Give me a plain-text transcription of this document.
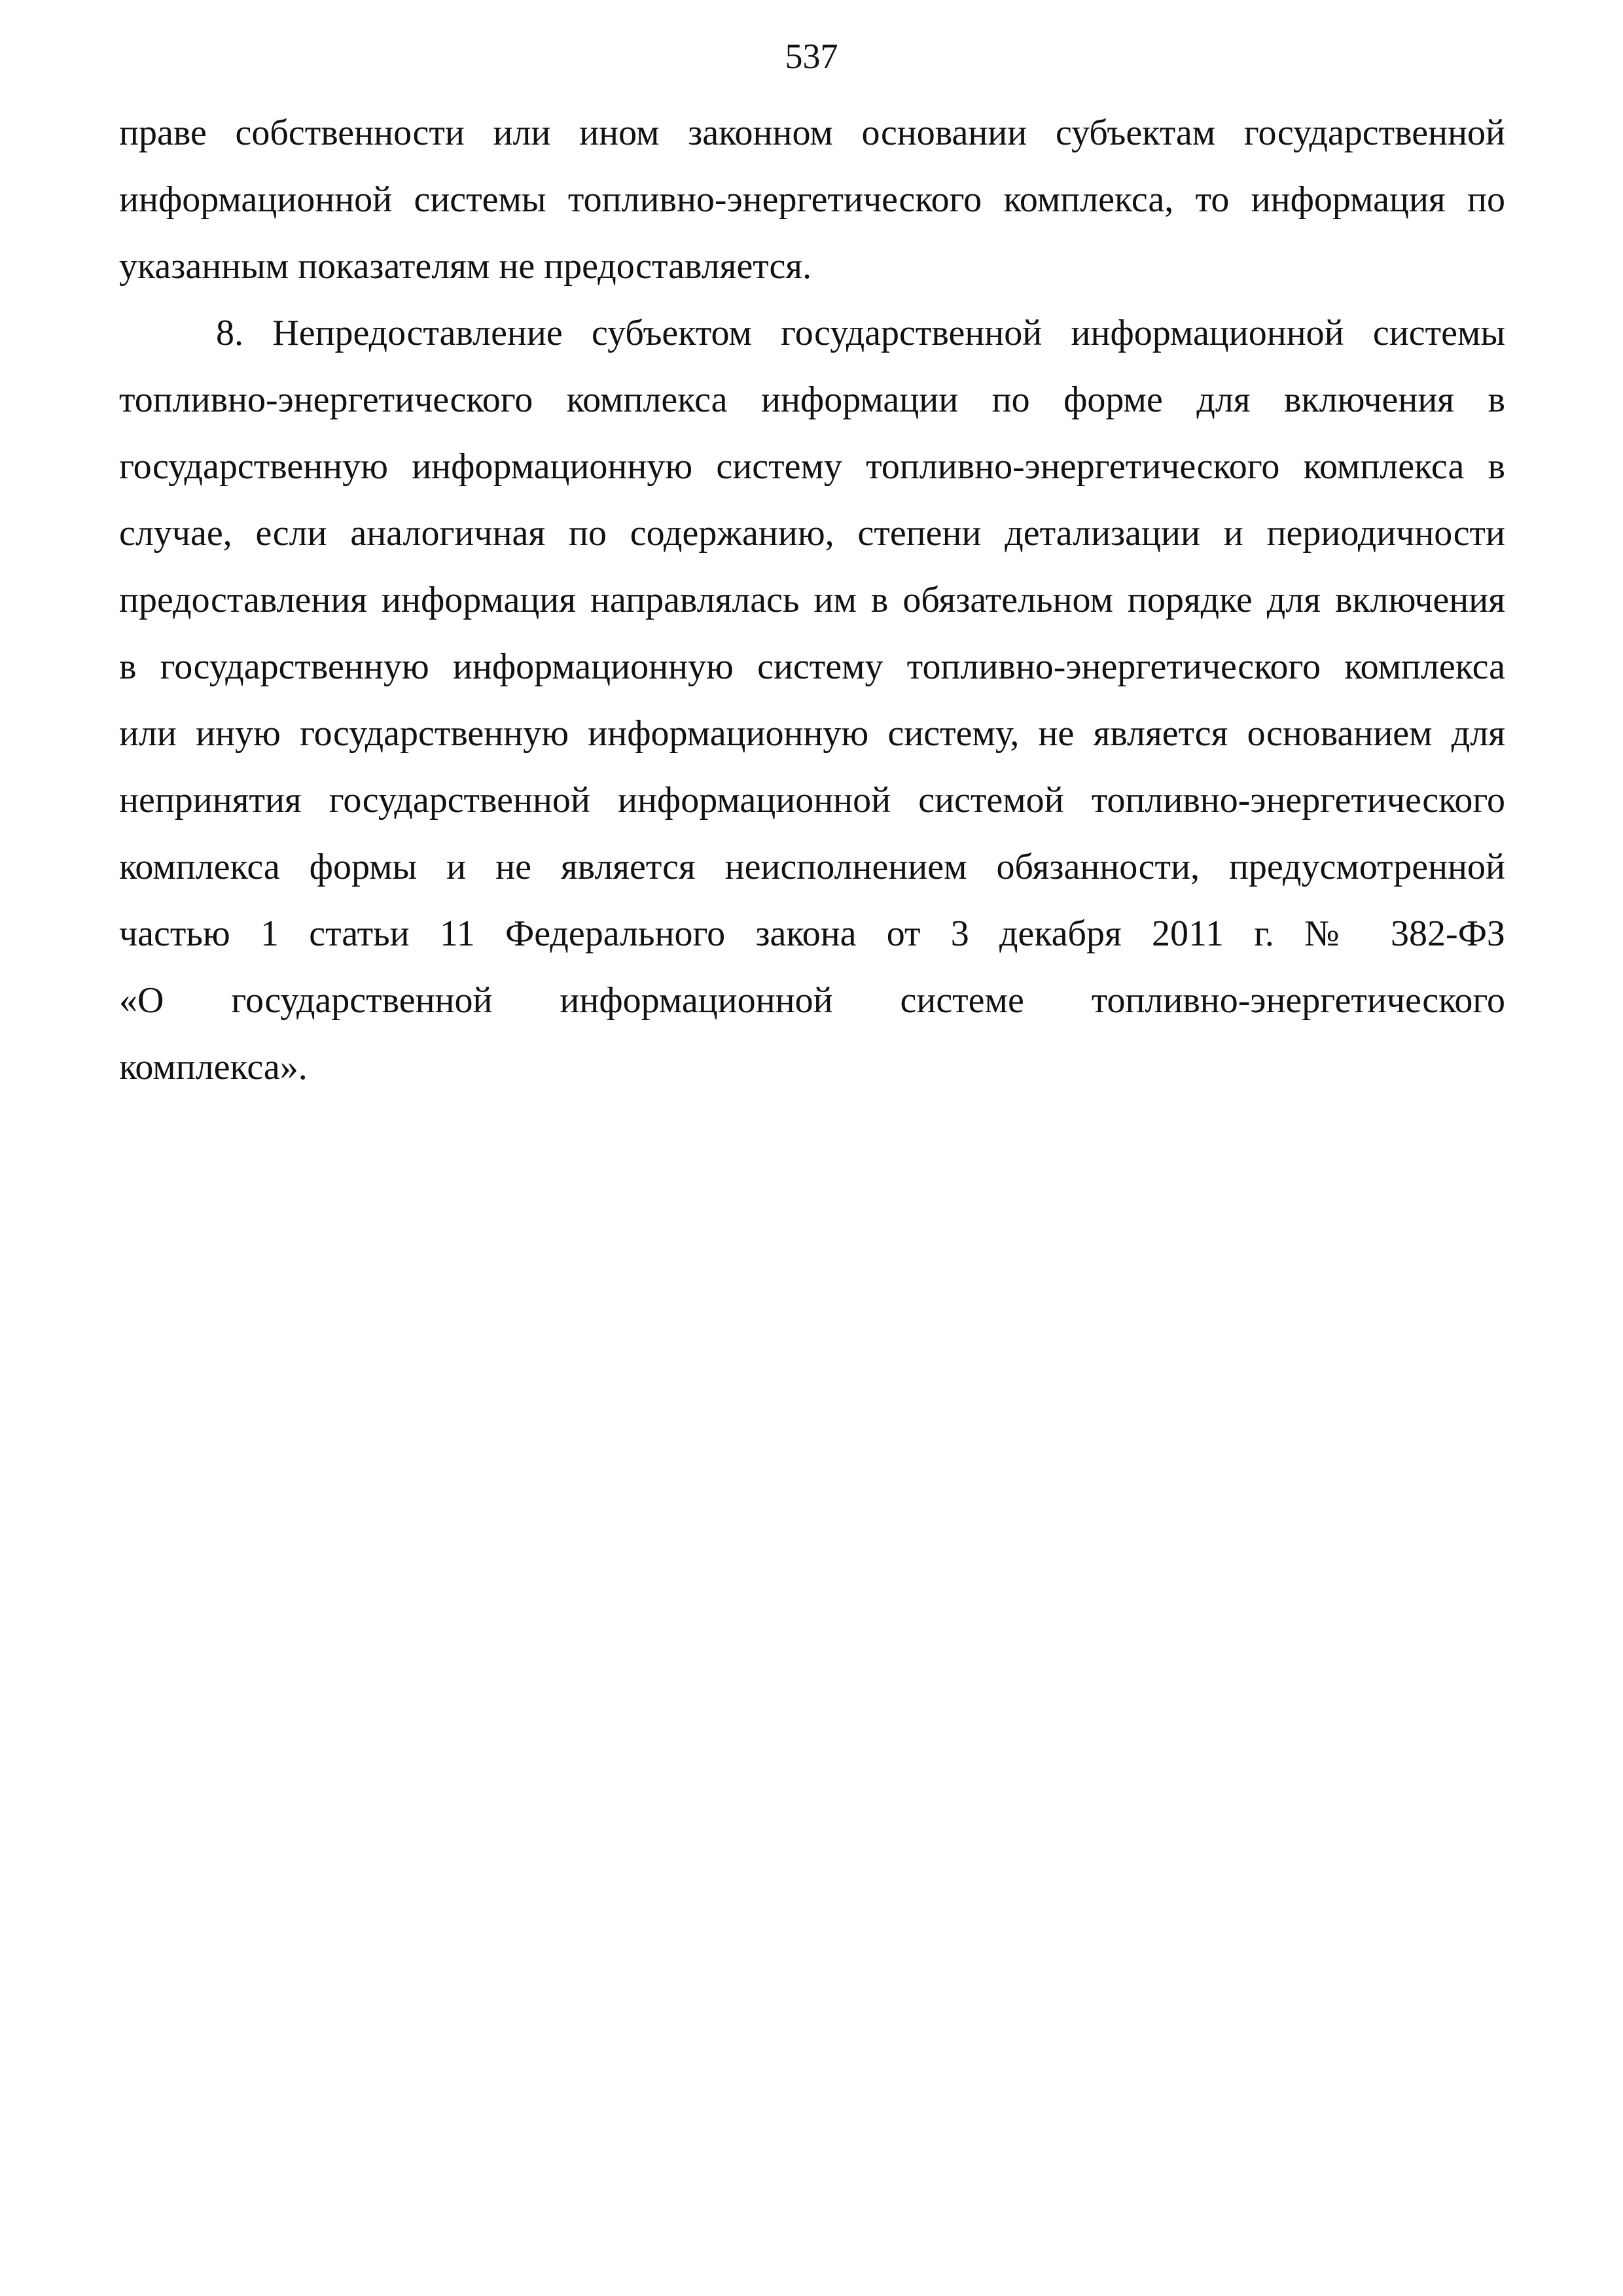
537
праве собственности или ином законном основании субъектам государственной
информационной системы топливно-энергетического комплекса, то информация по
указанным показателям не предоставляется.
8. Непредоставление субъектом государственной информационной системы
топливно-энергетического комплекса информации по форме для включения в
государственную информационную систему топливно-энергетического комплекса в
случае, если аналогичная по содержанию, степени детализации и периодичности
предоставления информация направлялась им в обязательном порядке для включения
в государственную информационную систему топливно-энергетического комплекса
или иную государственную информационную систему, не является основанием для
непринятия государственной информационной системой топливно-энергетического
комплекса формы и не является неисполнением обязанности, предусмотренной
частью 1 статьи 11 Федерального закона от 3 декабря 2011 г. № 382-ФЗ
«О государственной информационной системе топливно-энергетического
комплекса».
